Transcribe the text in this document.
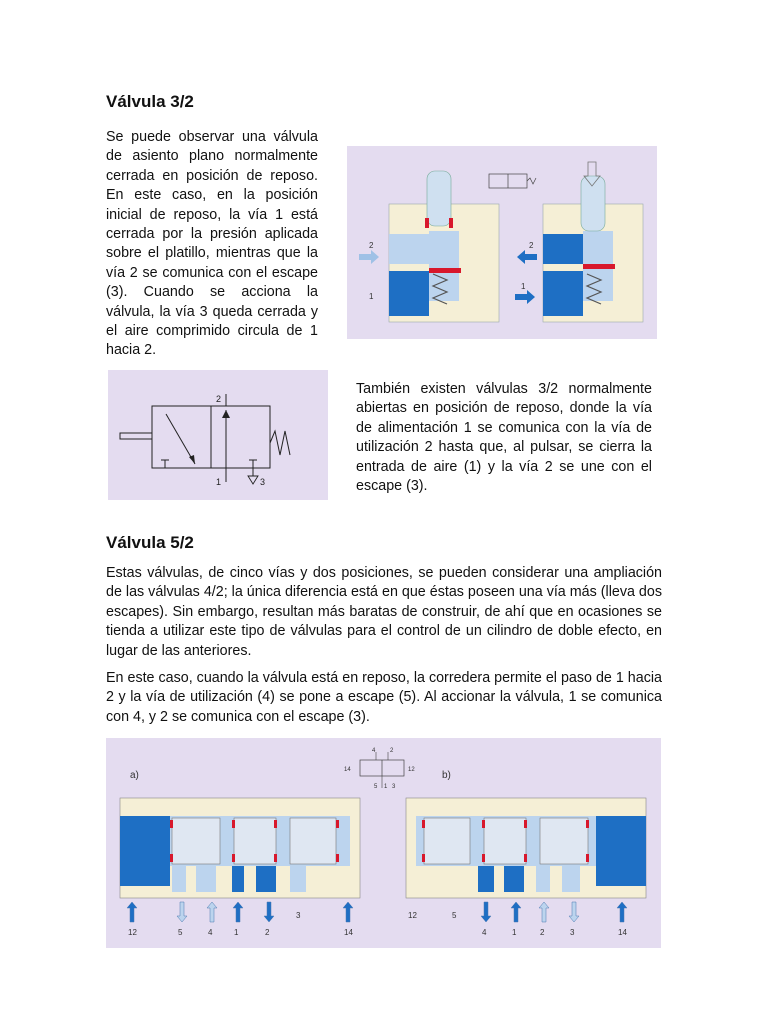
Válvula 3/2
Se puede observar una válvula de asiento plano normalmente cerrada en posición de reposo. En este caso, en la posición inicial de reposo, la vía 1 está cerrada por la presión aplicada sobre el platillo, mientras que la vía 2 se comunica con el escape (3). Cuando se acciona la válvula, la vía 3 queda cerrada y el aire comprimido circula de 1 hacia 2.
2
1
2
1
2
1	3
También existen válvulas 3/2 normalmente abiertas en posición de reposo, donde la vía de alimentación 1 se comunica con la vía de utilización 2 hasta que, al pulsar, se cierra la entrada de aire (1) y la vía 2 se une con el escape (3).
Válvula 5/2
Estas válvulas, de cinco vías y dos posiciones, se pueden considerar una ampliación de las válvulas 4/2; la única diferencia está en que éstas poseen una vía más (lleva dos escapes). Sin embargo, resultan más baratas de construir, de ahí que en ocasiones se tienda a utilizar este tipo de válvulas para el control de un cilindro de doble efecto, en lugar de las anteriores.
En este caso, cuando la válvula está en reposo, la corredera permite el paso de 1 hacia 2 y la vía de utilización (4) se pone a escape (5). Al accionar la válvula, 1 se comunica con 4, y 2 se comunica con el escape (3).
a)	b)
14
4 2
12
5 1 3
12	5	4	1	2
3
14
12	5
4	1	2	3	14
